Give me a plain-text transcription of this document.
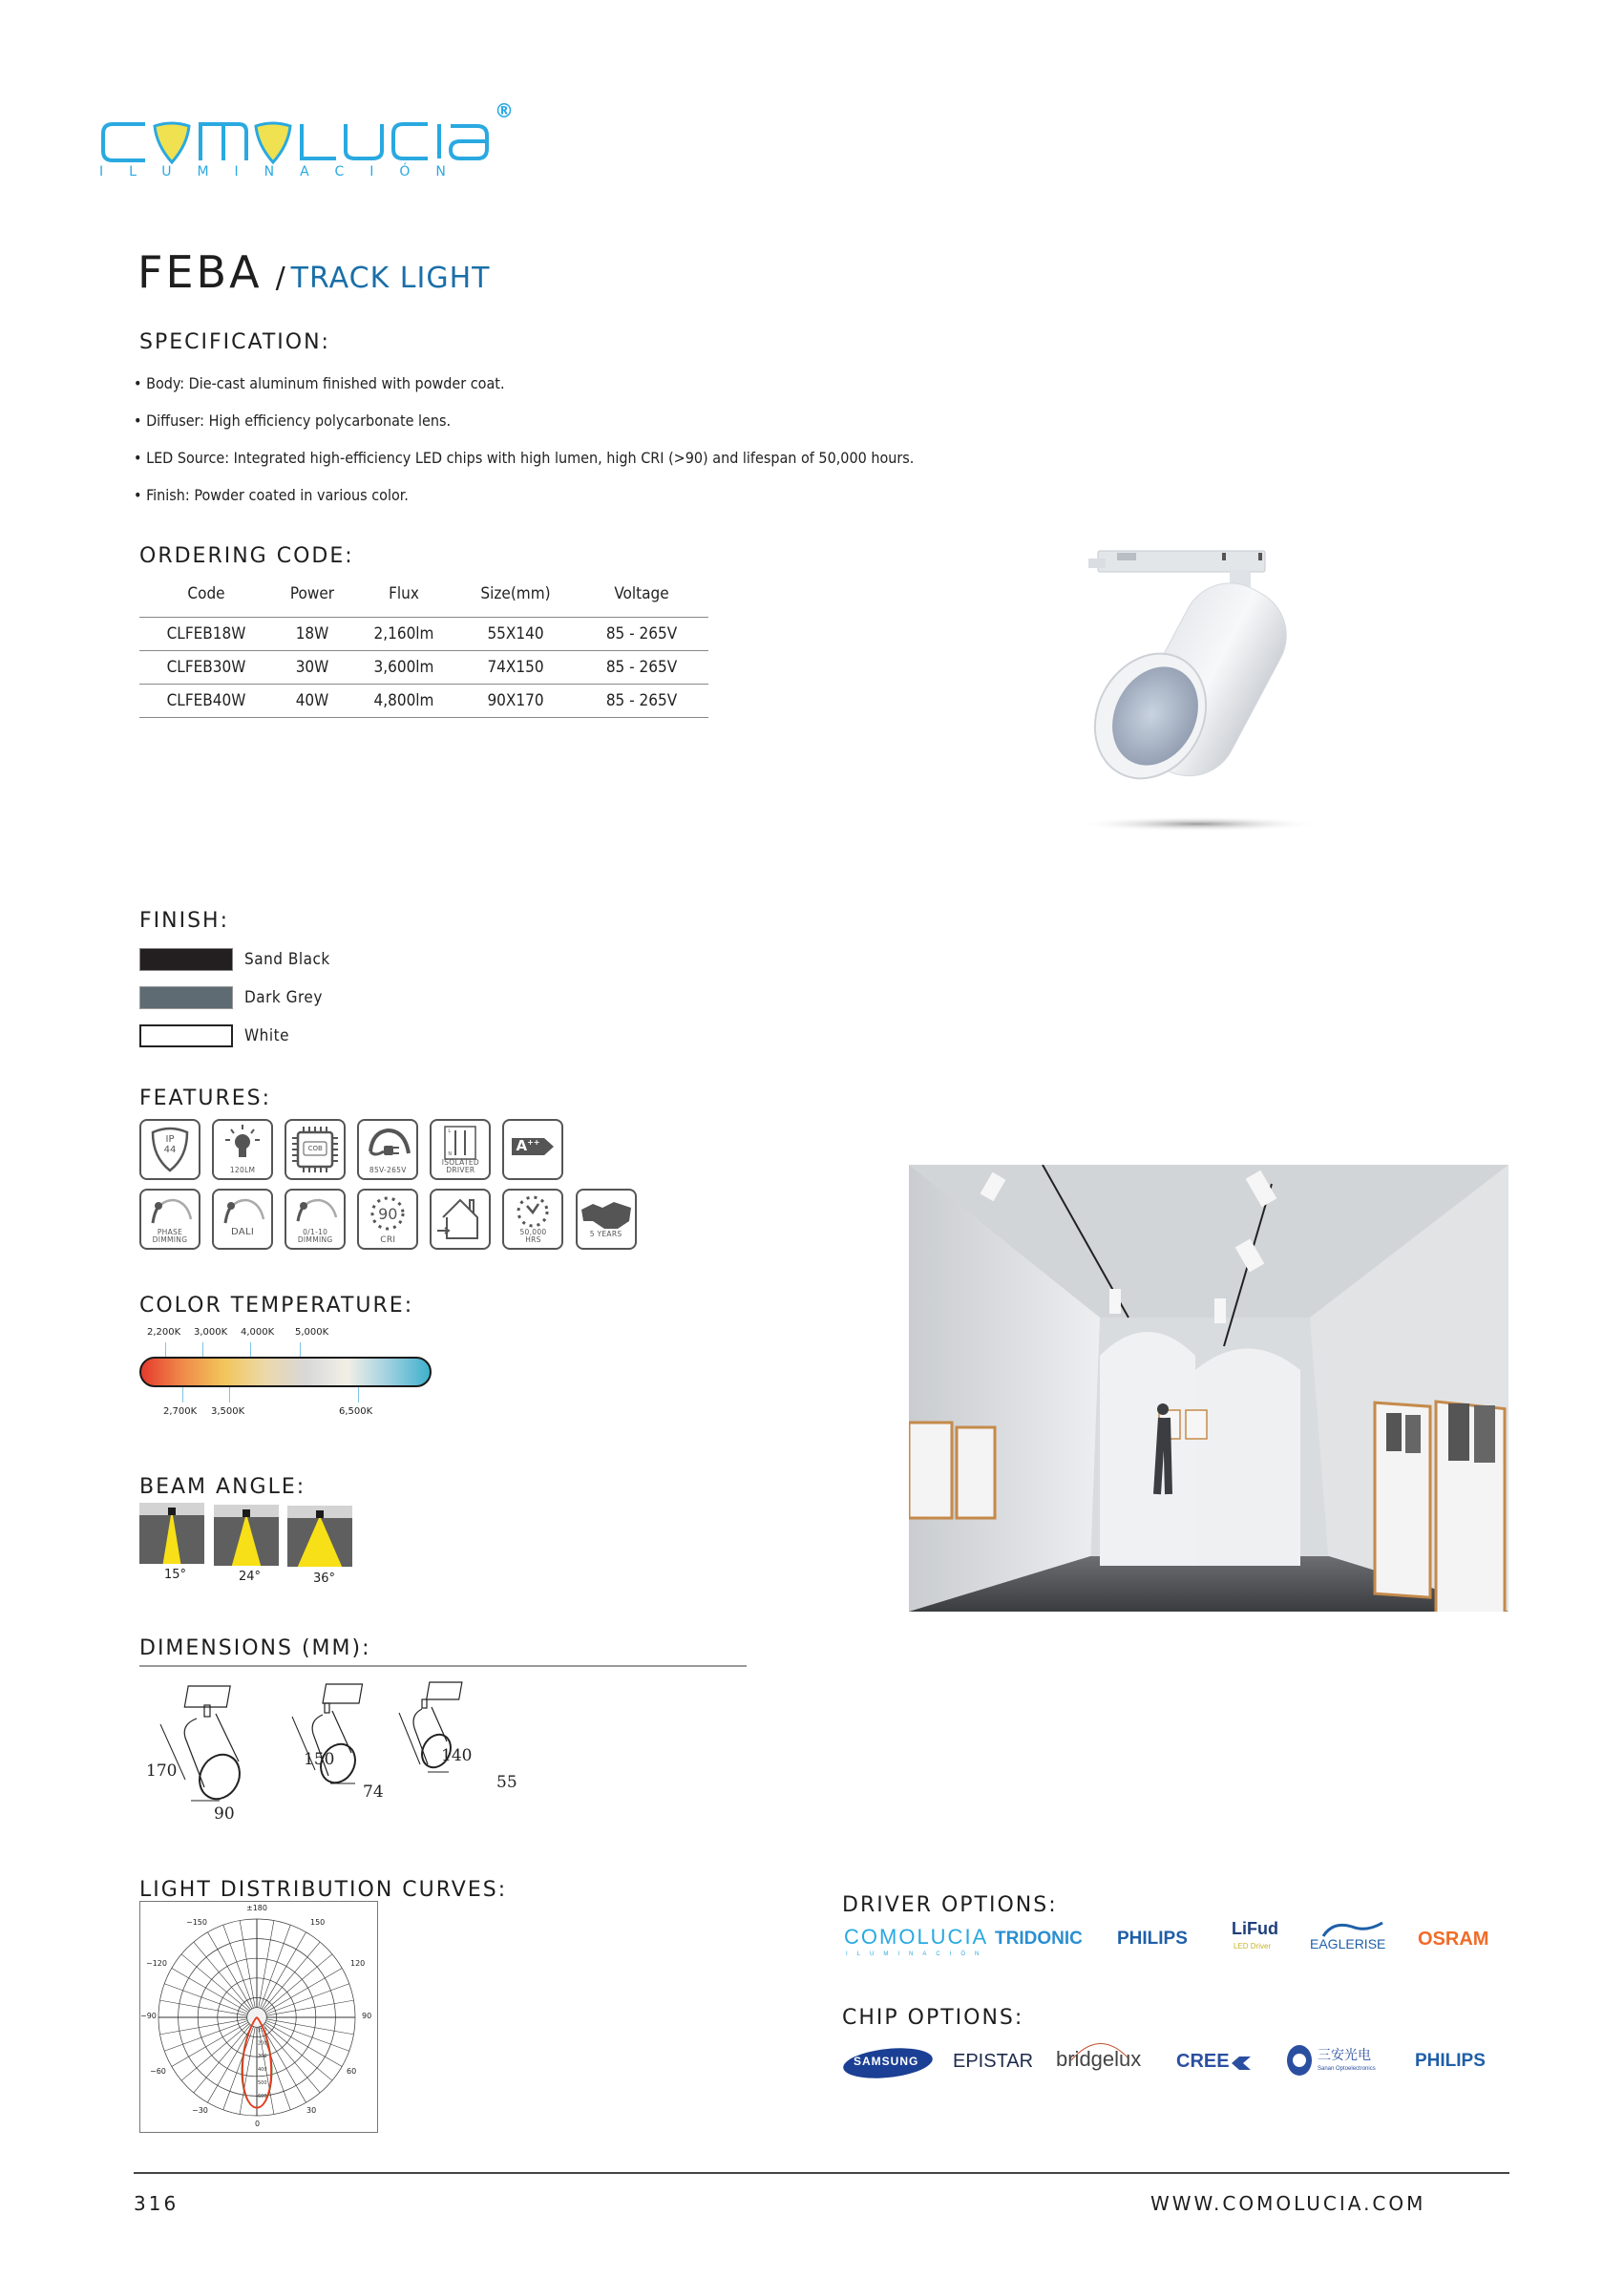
®
ILUMINACIÓN
FEBA / TRACK LIGHT
SPECIFICATION:
• Body: Die-cast aluminum finished with powder coat.
• Diffuser: High efficiency polycarbonate lens.
• LED Source: Integrated high-efficiency LED chips with high lumen, high CRI (>90) and lifespan of 50,000 hours.
• Finish: Powder coated in various color.
ORDERING CODE:
Code	Power	Flux	Size(mm)	Voltage
CLFEB18W	18W	2,160lm	55X140	85 - 265V
CLFEB30W	30W	3,600lm	74X150	85 - 265V
CLFEB40W	40W	4,800lm	90X170	85 - 265V
FINISH:
Sand Black
Dark Grey
White
FEATURES:
IP
44

120LM

COB

85V-265V

L
N
ISOLATED
DRIVER

A++
PHASE
DIMMING

DALI
	0/1-10
DIMMING

90
CRI

50,000
HRS

5 YEARS
COLOR TEMPERATURE:
2,200K 3,000K 4,000K 5,000K
2,700K 3,500K	6,500K
BEAM ANGLE:
15°	24°	36°
DIMENSIONS (MM):
170
90
150
74
140
55
LIGHT DISTRIBUTION CURVES:
100
200
300
400
500
600
±180
−150	150
−120	120
−90	90
−60	60
−30	30
0
DRIVER OPTIONS:
COMOLUCIA
ILUMINACIÓN
TRIDONIC PHILIPS	LiFud
LED Driver	EAGLERISE OSRAM
CHIP OPTIONS:
SAMSUNG EPISTAR bridgelux CREE	三安光电
Sanan Optoelectronics PHILIPS
316	WWW.COMOLUCIA.COM
